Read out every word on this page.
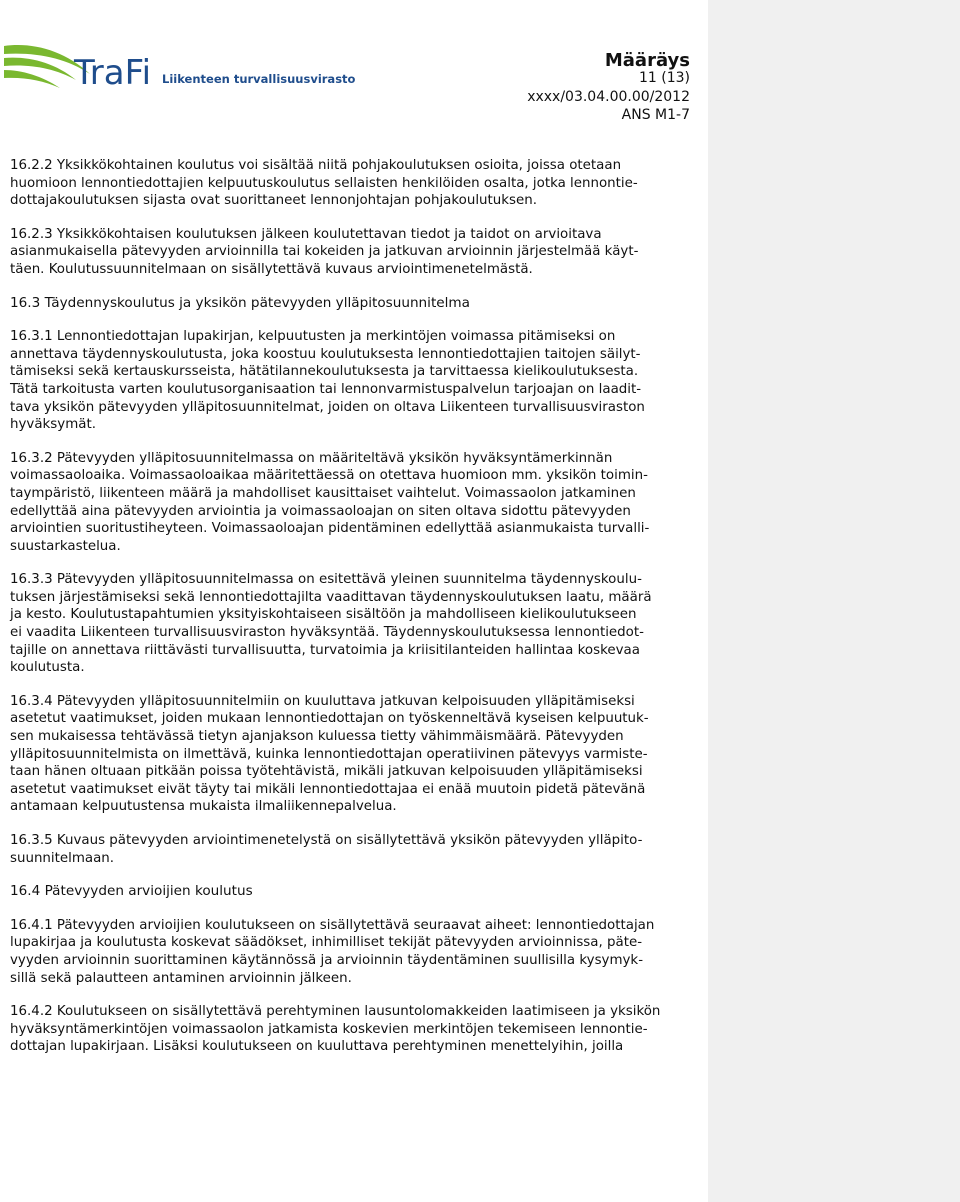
TraFi Liikenteen turvallisuusvirasto
Määräys
11 (13)
xxxx/03.04.00.00/2012
ANS M1-7

16.2.2 Yksikkökohtainen koulutus voi sisältää niitä pohjakoulutuksen osioita, joissa otetaan
huomioon lennontiedottajien kelpuutuskoulutus sellaisten henkilöiden osalta, jotka lennontie-
dottajakoulutuksen sijasta ovat suorittaneet lennonjohtajan pohjakoulutuksen.

16.2.3 Yksikkökohtaisen koulutuksen jälkeen koulutettavan tiedot ja taidot on arvioitava
asianmukaisella pätevyyden arvioinnilla tai kokeiden ja jatkuvan arvioinnin järjestelmää käyt-
täen. Koulutussuunnitelmaan on sisällytettävä kuvaus arviointimenetelmästä.

16.3 Täydennyskoulutus ja yksikön pätevyyden ylläpitosuunnitelma

16.3.1 Lennontiedottajan lupakirjan, kelpuutusten ja merkintöjen voimassa pitämiseksi on
annettava täydennyskoulutusta, joka koostuu koulutuksesta lennontiedottajien taitojen säilyt-
tämiseksi sekä kertauskursseista, hätätilannekoulutuksesta ja tarvittaessa kielikoulutuksesta.
Tätä tarkoitusta varten koulutusorganisaation tai lennonvarmistuspalvelun tarjoajan on laadit-
tava yksikön pätevyyden ylläpitosuunnitelmat, joiden on oltava Liikenteen turvallisuusviraston
hyväksymät.

16.3.2 Pätevyyden ylläpitosuunnitelmassa on määriteltävä yksikön hyväksyntämerkinnän
voimassaoloaika. Voimassaoloaikaa määritettäessä on otettava huomioon mm. yksikön toimin-
taympäristö, liikenteen määrä ja mahdolliset kausittaiset vaihtelut. Voimassaolon jatkaminen
edellyttää aina pätevyyden arviointia ja voimassaoloajan on siten oltava sidottu pätevyyden
arviointien suoritustiheyteen. Voimassaoloajan pidentäminen edellyttää asianmukaista turvalli-
suustarkastelua.

16.3.3 Pätevyyden ylläpitosuunnitelmassa on esitettävä yleinen suunnitelma täydennyskoulu-
tuksen järjestämiseksi sekä lennontiedottajilta vaadittavan täydennyskoulutuksen laatu, määrä
ja kesto. Koulutustapahtumien yksityiskohtaiseen sisältöön ja mahdolliseen kielikoulutukseen
ei vaadita Liikenteen turvallisuusviraston hyväksyntää. Täydennyskoulutuksessa lennontiedot-
tajille on annettava riittävästi turvallisuutta, turvatoimia ja kriisitilanteiden hallintaa koskevaa
koulutusta.

16.3.4 Pätevyyden ylläpitosuunnitelmiin on kuuluttava jatkuvan kelpoisuuden ylläpitämiseksi
asetetut vaatimukset, joiden mukaan lennontiedottajan on työskenneltävä kyseisen kelpuutuk-
sen mukaisessa tehtävässä tietyn ajanjakson kuluessa tietty vähimmäismäärä. Pätevyyden
ylläpitosuunnitelmista on ilmettävä, kuinka lennontiedottajan operatiivinen pätevyys varmiste-
taan hänen oltuaan pitkään poissa työtehtävistä, mikäli jatkuvan kelpoisuuden ylläpitämiseksi
asetetut vaatimukset eivät täyty tai mikäli lennontiedottajaa ei enää muutoin pidetä pätevänä
antamaan kelpuutustensa mukaista ilmaliikennepalvelua.

16.3.5 Kuvaus pätevyyden arviointimenetelystä on sisällytettävä yksikön pätevyyden ylläpito-
suunnitelmaan.

16.4 Pätevyyden arvioijien koulutus

16.4.1 Pätevyyden arvioijien koulutukseen on sisällytettävä seuraavat aiheet: lennontiedottajan
lupakirjaa ja koulutusta koskevat säädökset, inhimilliset tekijät pätevyyden arvioinnissa, päte-
vyyden arvioinnin suorittaminen käytännössä ja arvioinnin täydentäminen suullisilla kysymyk-
sillä sekä palautteen antaminen arvioinnin jälkeen.

16.4.2 Koulutukseen on sisällytettävä perehtyminen lausuntolomakkeiden laatimiseen ja yksikön
hyväksyntämerkintöjen voimassaolon jatkamista koskevien merkintöjen tekemiseen lennontie-
dottajan lupakirjaan. Lisäksi koulutukseen on kuuluttava perehtyminen menettelyihin, joilla
